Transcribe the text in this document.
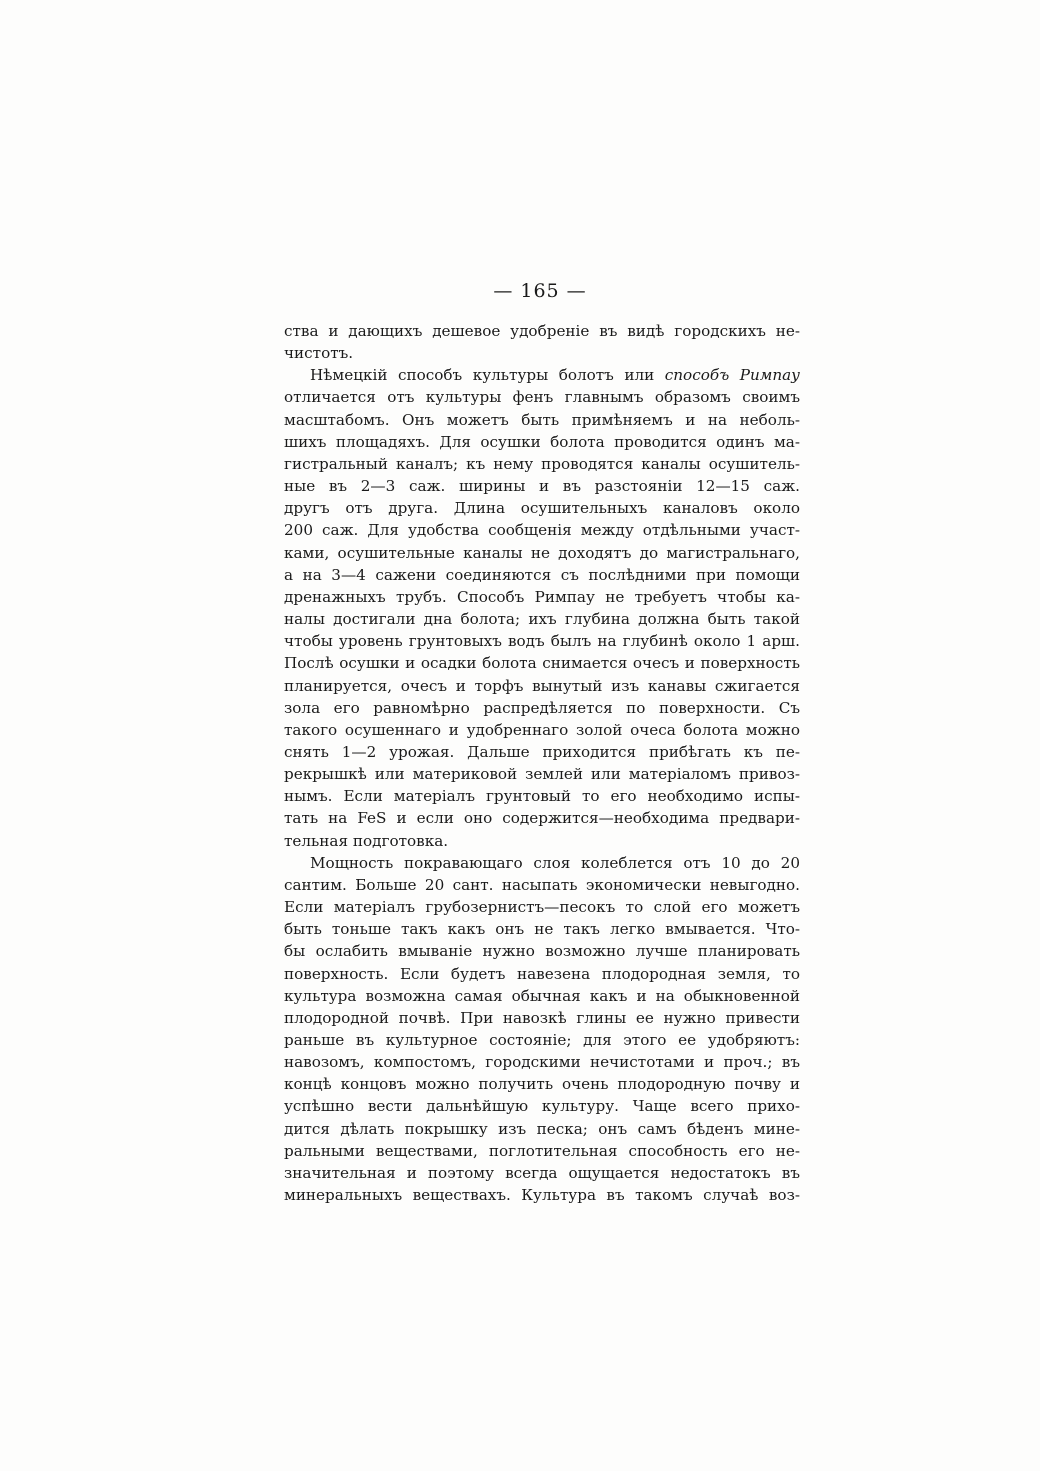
— 165 —
ства и дающихъ дешевое удобреніе въ видѣ городскихъ не-
чистотъ.
Нѣмецкій способъ культуры болотъ или способъ Римпау
отличается отъ культуры фенъ главнымъ образомъ своимъ
масштабомъ. Онъ можетъ быть примѣняемъ и на неболь-
шихъ площадяхъ. Для осушки болота проводится одинъ ма-
гистральный каналъ; къ нему проводятся каналы осушитель-
ные въ 2—3 саж. ширины и въ разстояніи 12—15 саж.
другъ отъ друга. Длина осушительныхъ каналовъ около
200 саж. Для удобства сообщенія между отдѣльными участ-
ками, осушительные каналы не доходятъ до магистральнаго,
а на 3—4 сажени соединяются съ послѣдними при помощи
дренажныхъ трубъ. Способъ Римпау не требуетъ чтобы ка-
налы достигали дна болота; ихъ глубина должна быть такой
чтобы уровень грунтовыхъ водъ былъ на глубинѣ около 1 арш.
Послѣ осушки и осадки болота снимается очесъ и поверхность
планируется, очесъ и торфъ вынутый изъ канавы сжигается
зола его равномѣрно распредѣляется по поверхности. Съ
такого осушеннаго и удобреннаго золой очеса болота можно
снять 1—2 урожая. Дальше приходится прибѣгать къ пе-
рекрышкѣ или материковой землей или матеріаломъ привоз-
нымъ. Если матеріалъ грунтовый то его необходимо испы-
тать на FeS и если оно содержится—необходима предвари-
тельная подготовка.
Мощность покравающаго слоя колеблется отъ 10 до 20
сантим. Больше 20 сант. насыпать экономически невыгодно.
Если матеріалъ грубозернистъ—песокъ то слой его можетъ
быть тоньше такъ какъ онъ не такъ легко вмывается. Что-
бы ослабить вмываніе нужно возможно лучше планировать
поверхность. Если будетъ навезена плодородная земля, то
культура возможна самая обычная какъ и на обыкновенной
плодородной почвѣ. При навозкѣ глины ее нужно привести
раньше въ культурное состояніе; для этого ее удобряютъ:
навозомъ, компостомъ, городскими нечистотами и проч.; въ
концѣ концовъ можно получить очень плодородную почву и
успѣшно вести дальнѣйшую культуру. Чаще всего прихо-
дится дѣлать покрышку изъ песка; онъ самъ бѣденъ мине-
ральными веществами, поглотительная способность его не-
значительная и поэтому всегда ощущается недостатокъ въ
минеральныхъ веществахъ. Культура въ такомъ случаѣ воз-
